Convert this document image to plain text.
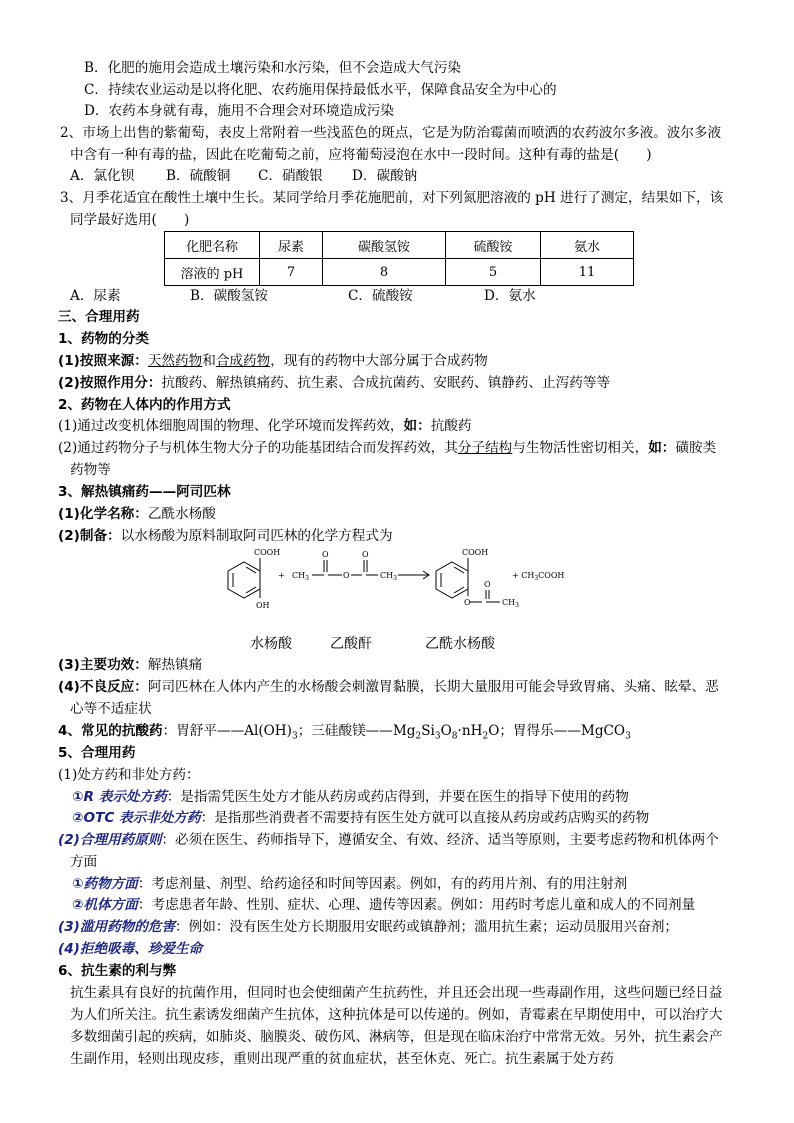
B．化肥的施用会造成土壤污染和水污染，但不会造成大气污染
C．持续农业运动是以将化肥、农药施用保持最低水平，保障食品安全为中心的
D．农药本身就有毒，施用不合理会对环境造成污染
2、市场上出售的紫葡萄，表皮上常附着一些浅蓝色的斑点，它是为防治霉菌而喷洒的农药波尔多液。波尔多液
中含有一种有毒的盐，因此在吃葡萄之前，应将葡萄浸泡在水中一段时间。这种有毒的盐是(　　)
A．氯化钡 B．硫酸铜 C．硝酸银 D．碳酸钠
3、月季花适宜在酸性土壤中生长。某同学给月季花施肥前，对下列氮肥溶液的 pH 进行了测定，结果如下，该
同学最好选用(　　)
化肥名称	尿素	碳酸氢铵	硫酸铵	氨水
溶液的 pH	7	8	5	11
A．尿素	B．碳酸氢铵	C．硫酸铵	D．氨水
三、合理用药
1、药物的分类
(1)按照来源：天然药物和合成药物，现有的药物中大部分属于合成药物
(2)按照作用分：抗酸药、解热镇痛药、抗生素、合成抗菌药、安眠药、镇静药、止泻药等等
2、药物在人体内的作用方式
(1)通过改变机体细胞周围的物理、化学环境而发挥药效，如：抗酸药
(2)通过药物分子与机体生物大分子的功能基团结合而发挥药效，其分子结构与生物活性密切相关，如：磺胺类
药物等
3、解热镇痛药——阿司匹林
(1)化学名称：乙酰水杨酸
(2)制备：以水杨酸为原料制取阿司匹林的化学方程式为
COOH
OH
+ $CH_3$
O
O
O
$CH_3$
COOH
O
O
$CH_3$
+ $CH_3COOH$
水杨酸	乙酸酐	乙酰水杨酸
(3)主要功效：解热镇痛
(4)不良反应：阿司匹林在人体内产生的水杨酸会刺激胃黏膜，长期大量服用可能会导致胃痛、头痛、眩晕、恶
心等不适症状
4、常见的抗酸药：胃舒平$——Al(OH)_3$；三硅酸镁$——Mg_2Si_3O_8\cdot nH_2O$；胃得乐——MgCO$_3$
5、合理用药
(1)处方药和非处方药：
①R 表示处方药：是指需凭医生处方才能从药房或药店得到，并要在医生的指导下使用的药物
②OTC 表示非处方药：是指那些消费者不需要持有医生处方就可以直接从药房或药店购买的药物
(2)合理用药原则：必须在医生、药师指导下，遵循安全、有效、经济、适当等原则，主要考虑药物和机体两个
方面
①药物方面：考虑剂量、剂型、给药途径和时间等因素。例如，有的药用片剂、有的用注射剂
②机体方面：考虑患者年龄、性别、症状、心理、遗传等因素。例如：用药时考虑儿童和成人的不同剂量
(3)滥用药物的危害：例如：没有医生处方长期服用安眠药或镇静剂；滥用抗生素；运动员服用兴奋剂；
(4)拒绝吸毒、珍爱生命
6、抗生素的利与弊
抗生素具有良好的抗菌作用，但同时也会使细菌产生抗药性，并且还会出现一些毒副作用，这些问题已经日益
为人们所关注。抗生素诱发细菌产生抗体，这种抗体是可以传递的。例如，青霉素在早期使用中，可以治疗大
多数细菌引起的疾病，如肺炎、脑膜炎、破伤风、淋病等，但是现在临床治疗中常常无效。另外，抗生素会产
生副作用，轻则出现皮疹，重则出现严重的贫血症状，甚至休克、死亡。抗生素属于处方药
